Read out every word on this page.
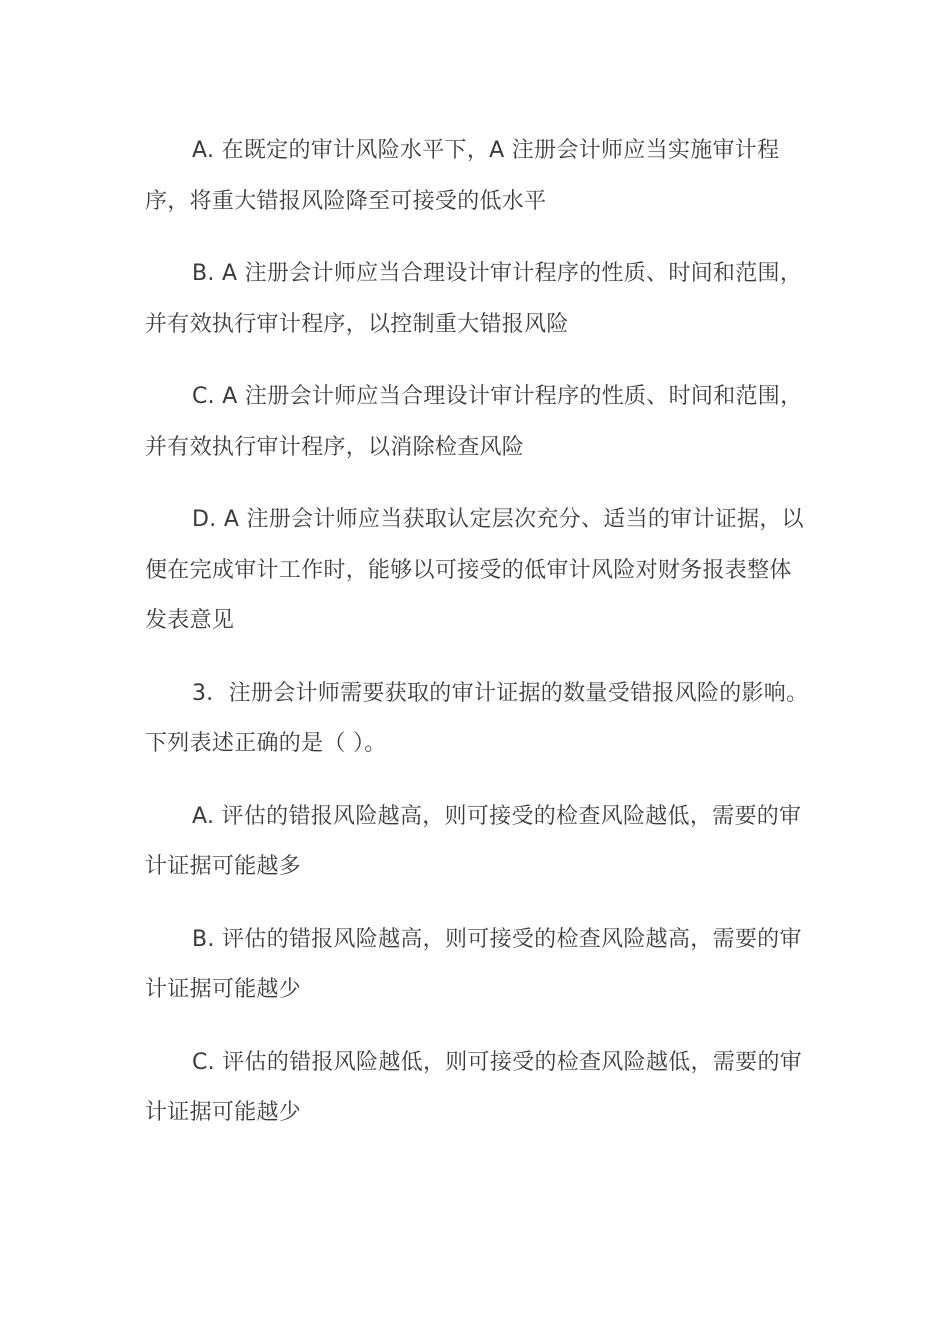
A. 在既定的审计风险水平下，A 注册会计师应当实施审计程序，将重大错报风险降至可接受的低水平

B. A 注册会计师应当合理设计审计程序的性质、时间和范围，并有效执行审计程序，以控制重大错报风险

C. A 注册会计师应当合理设计审计程序的性质、时间和范围，并有效执行审计程序，以消除检查风险

D. A 注册会计师应当获取认定层次充分、适当的审计证据，以便在完成审计工作时，能够以可接受的低审计风险对财务报表整体发表意见

3．注册会计师需要获取的审计证据的数量受错报风险的影响。下列表述正确的是（ ）。

A. 评估的错报风险越高，则可接受的检查风险越低，需要的审计证据可能越多

B. 评估的错报风险越高，则可接受的检查风险越高，需要的审计证据可能越少

C. 评估的错报风险越低，则可接受的检查风险越低，需要的审计证据可能越少
